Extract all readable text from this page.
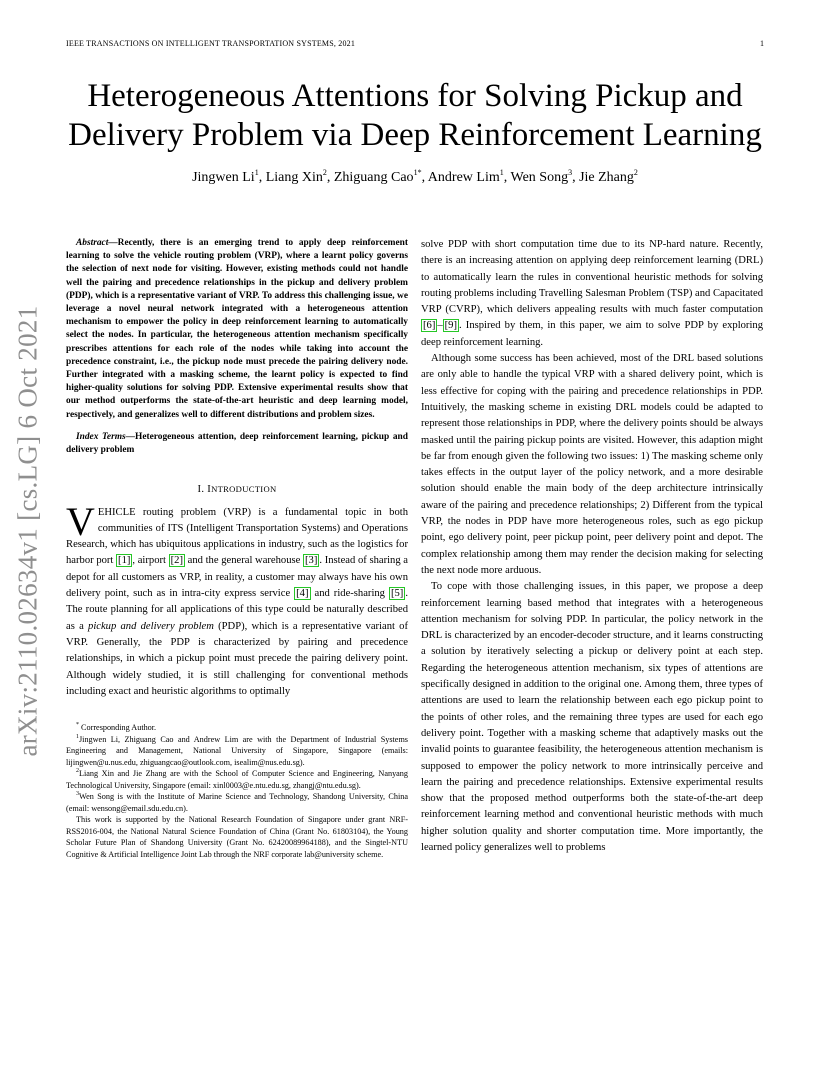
IEEE TRANSACTIONS ON INTELLIGENT TRANSPORTATION SYSTEMS, 2021	1
arXiv:2110.02634v1 [cs.LG] 6 Oct 2021
Heterogeneous Attentions for Solving Pickup and
Delivery Problem via Deep Reinforcement Learning
Jingwen Li$^1$, Liang Xin$^2$, Zhiguang Cao$^{1*}$, Andrew Lim$^1$, Wen Song$^3$, Jie Zhang$^2$

Abstract—Recently, there is an emerging trend to apply deep reinforcement learning to solve the vehicle routing problem (VRP), where a learnt policy governs the selection of next node for visiting. However, existing methods could not handle well the pairing and precedence relationships in the pickup and delivery problem (PDP), which is a representative variant of VRP. To address this challenging issue, we leverage a novel neural network integrated with a heterogeneous attention mechanism to empower the policy in deep reinforcement learning to automatically select the nodes. In particular, the heterogeneous attention mechanism specifically prescribes attentions for each role of the nodes while taking into account the precedence constraint, i.e., the pickup node must precede the pairing delivery node. Further integrated with a masking scheme, the learnt policy is expected to find higher-quality solutions for solving PDP. Extensive experimental results show that our method outperforms the state-of-the-art heuristic and deep learning model, respectively, and generalizes well to different distributions and problem sizes.

Index Terms—Heterogeneous attention, deep reinforcement learning, pickup and delivery problem

I. INTRODUCTION

VEHICLE routing problem (VRP) is a fundamental topic in both communities of ITS (Intelligent Transportation Systems) and Operations Research, which has ubiquitous applications in industry, such as the logistics for harbor port [1] , airport [2] and the general warehouse [3] . Instead of sharing a depot for all customers as VRP, in reality, a customer may always have his own delivery point, such as in intra-city express service [4] and ride-sharing [5] . The route planning for all applications of this type could be naturally described as a pickup and delivery problem (PDP), which is a representative variant of VRP. Generally, the PDP is characterized by pairing and precedence relationships, in which a pickup point must precede the pairing delivery point. Although widely studied, it is still challenging for conventional methods including exact and heuristic algorithms to optimally

* Corresponding Author.

$^1$Jingwen Li, Zhiguang Cao and Andrew Lim are with the Department of Industrial Systems Engineering and Management, National University of Singapore, Singapore (emails: lijingwen@u.nus.edu, zhiguangcao@outlook.com, isealim@nus.edu.sg).

$^2$Liang Xin and Jie Zhang are with the School of Computer Science and Engineering, Nanyang Technological University, Singapore (email: xinl0003@e.ntu.edu.sg, zhangj@ntu.edu.sg).

$^3$Wen Song is with the Institute of Marine Science and Technology, Shandong University, China (email: wensong@email.sdu.edu.cn).

This work is supported by the National Research Foundation of Singapore under grant NRF-RSS2016-004, the National Natural Science Foundation of China (Grant No. 61803104), the Young Scholar Future Plan of Shandong University (Grant No. 62420089964188), and the Singtel-NTU Cognitive & Artificial Intelligence Joint Lab through the NRF corporate lab@university scheme.

solve PDP with short computation time due to its NP-hard nature. Recently, there is an increasing attention on applying deep reinforcement learning (DRL) to automatically learn the rules in conventional heuristic methods for solving routing problems including Travelling Salesman Problem (TSP) and Capacitated VRP (CVRP), which delivers appealing results with much faster computation [6] – [9] . Inspired by them, in this paper, we aim to solve PDP by exploring deep reinforcement learning.

Although some success has been achieved, most of the DRL based solutions are only able to handle the typical VRP with a shared delivery point, which is less effective for coping with the pairing and precedence relationships in PDP. Intuitively, the masking scheme in existing DRL models could be adapted to represent those relationships in PDP, where the delivery points should be always masked until the pairing pickup points are visited. However, this adaption might be far from enough given the following two issues: 1) The masking scheme only takes effects in the output layer of the policy network, and a more desirable solution should enable the main body of the deep architecture intrinsically aware of the pairing and precedence relationships; 2) Different from the typical VRP, the nodes in PDP have more heterogeneous roles, such as ego pickup point, ego delivery point, peer pickup point, peer delivery point and depot. The complex relationship among them may render the decision making for selecting the next node more arduous.

To cope with those challenging issues, in this paper, we propose a deep reinforcement learning based method that integrates with a heterogeneous attention mechanism for solving PDP. In particular, the policy network in the DRL is characterized by an encoder-decoder structure, and it learns constructing a solution by iteratively selecting a pickup or delivery point at each step. Regarding the heterogeneous attention mechanism, six types of attentions are specifically designed in addition to the original one. Among them, three types of attentions are used to learn the relationship between each ego pickup point to the points of other roles, and the remaining three types are used for each ego delivery point. Together with a masking scheme that adaptively masks out the invalid points to guarantee feasibility, the heterogeneous attention mechanism is supposed to empower the policy network to more intrinsically perceive and learn the pairing and precedence relationships. Extensive experimental results show that the proposed method outperforms both the state-of-the-art deep reinforcement learning method and conventional heuristic methods with much higher solution quality and shorter computation time. More importantly, the learned policy generalizes well to problems
